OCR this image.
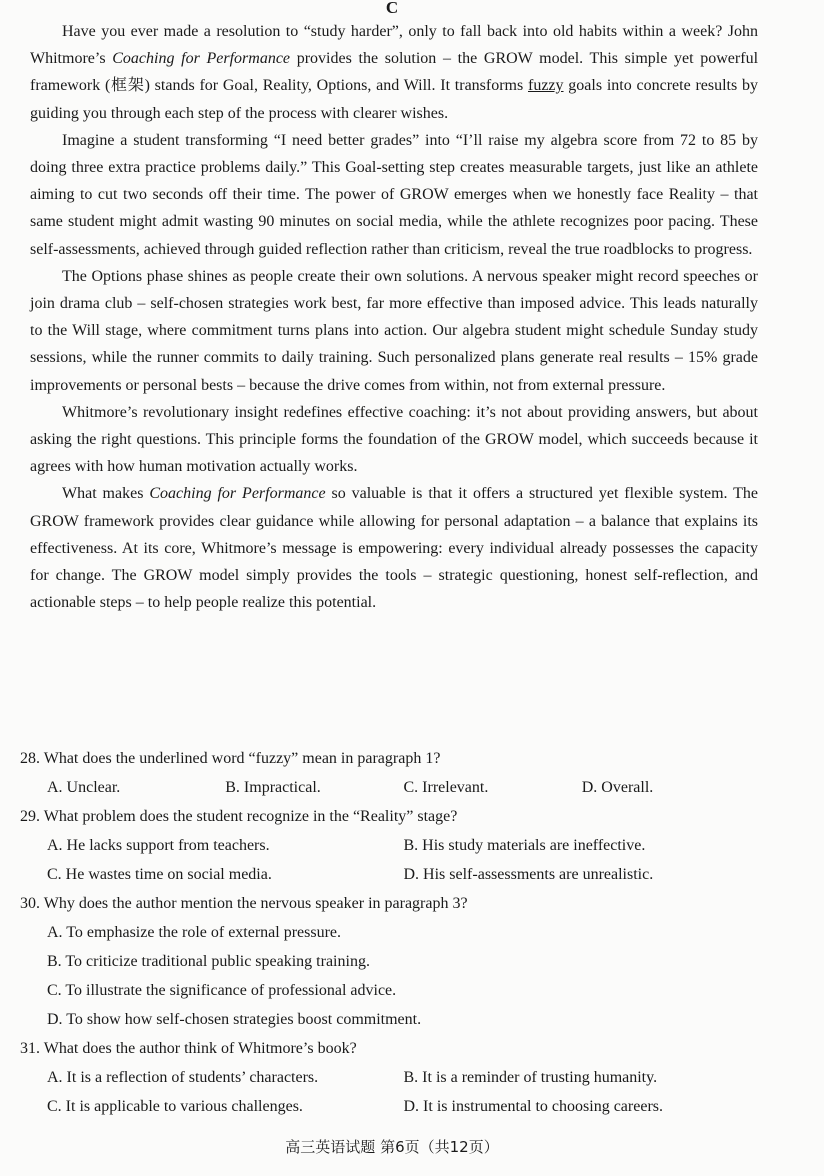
C

Have you ever made a resolution to “study harder”, only to fall back into old habits within a week? John Whitmore’s Coaching for Performance provides the solution – the GROW model. This simple yet powerful framework (框架) stands for Goal, Reality, Options, and Will. It transforms fuzzy goals into concrete results by guiding you through each step of the process with clearer wishes.

Imagine a student transforming “I need better grades” into “I’ll raise my algebra score from 72 to 85 by doing three extra practice problems daily.” This Goal-setting step creates measurable targets, just like an athlete aiming to cut two seconds off their time. The power of GROW emerges when we honestly face Reality – that same student might admit wasting 90 minutes on social media, while the athlete recognizes poor pacing. These self-assessments, achieved through guided reflection rather than criticism, reveal the true roadblocks to progress.

The Options phase shines as people create their own solutions. A nervous speaker might record speeches or join drama club – self-chosen strategies work best, far more effective than imposed advice. This leads naturally to the Will stage, where commitment turns plans into action. Our algebra student might schedule Sunday study sessions, while the runner commits to daily training. Such personalized plans generate real results – 15% grade improvements or personal bests – because the drive comes from within, not from external pressure.

Whitmore’s revolutionary insight redefines effective coaching: it’s not about providing answers, but about asking the right questions. This principle forms the foundation of the GROW model, which succeeds because it agrees with how human motivation actually works.

What makes Coaching for Performance so valuable is that it offers a structured yet flexible system. The GROW framework provides clear guidance while allowing for personal adaptation – a balance that explains its effectiveness. At its core, Whitmore’s message is empowering: every individual already possesses the capacity for change. The GROW model simply provides the tools – strategic questioning, honest self-reflection, and actionable steps – to help people realize this potential.

28. What does the underlined word “fuzzy” mean in paragraph 1?
A. Unclear.	B. Impractical.	C. Irrelevant.	D. Overall.
29. What problem does the student recognize in the “Reality” stage?
A. He lacks support from teachers.	B. His study materials are ineffective.
C. He wastes time on social media.	D. His self-assessments are unrealistic.
30. Why does the author mention the nervous speaker in paragraph 3?
A. To emphasize the role of external pressure.
B. To criticize traditional public speaking training.
C. To illustrate the significance of professional advice.
D. To show how self-chosen strategies boost commitment.
31. What does the author think of Whitmore’s book?
A. It is a reflection of students’ characters.	B. It is a reminder of trusting humanity.
C. It is applicable to various challenges.	D. It is instrumental to choosing careers.
高三英语试题 第6页（共12页）
